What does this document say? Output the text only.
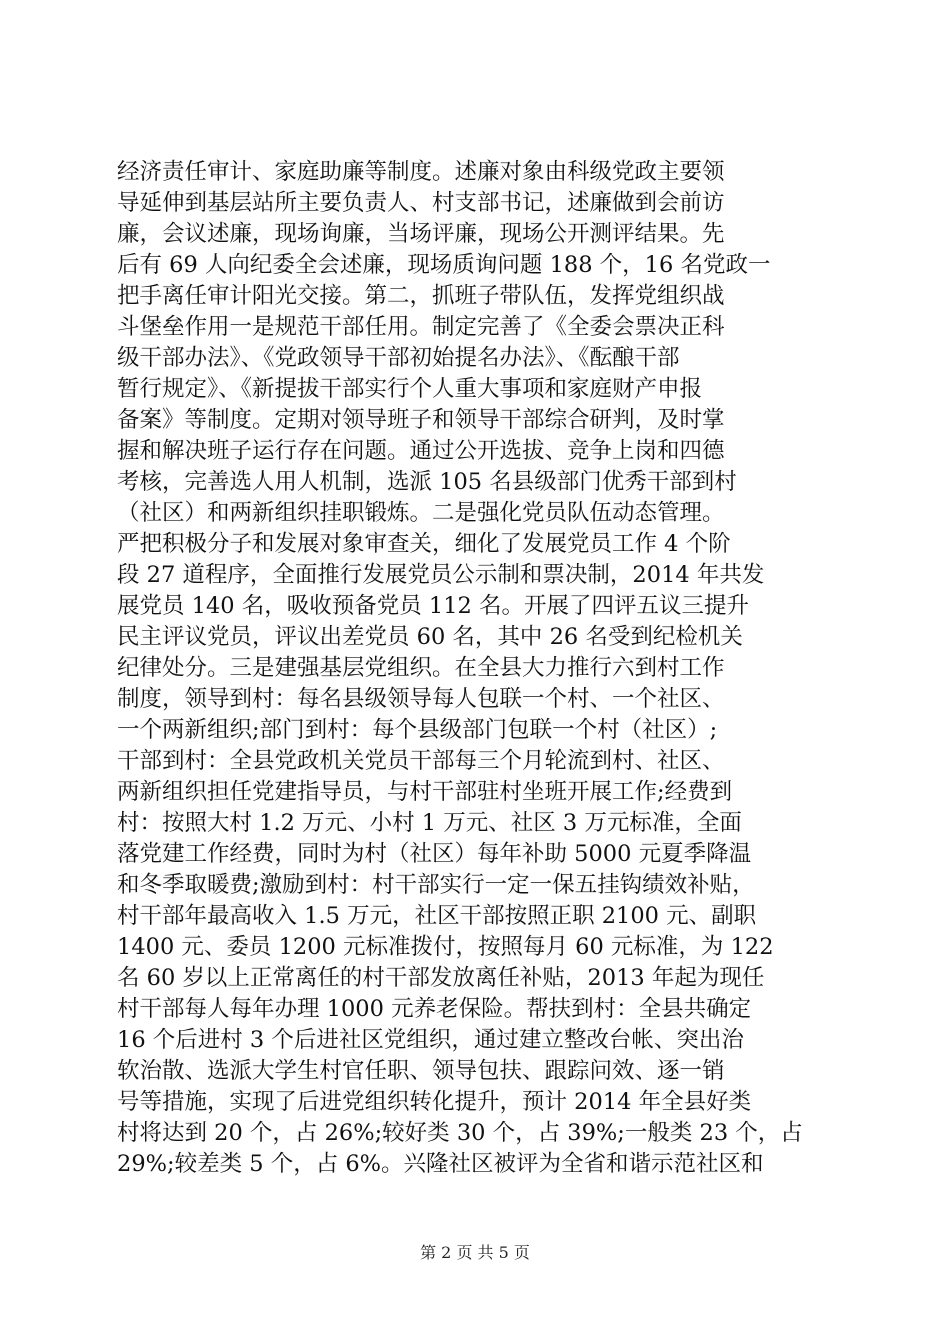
经济责任审计、家庭助廉等制度。述廉对象由科级党政主要领
导延伸到基层站所主要负责人、村支部书记，述廉做到会前访
廉，会议述廉，现场询廉，当场评廉，现场公开测评结果。先
后有 69 人向纪委全会述廉，现场质询问题 188 个，16 名党政一
把手离任审计阳光交接。第二，抓班子带队伍，发挥党组织战
斗堡垒作用一是规范干部任用。制定完善了《全委会票决正科
级干部办法》、《党政领导干部初始提名办法》、《酝酿干部
暂行规定》、《新提拔干部实行个人重大事项和家庭财产申报
备案》等制度。定期对领导班子和领导干部综合研判，及时掌
握和解决班子运行存在问题。通过公开选拔、竞争上岗和四德
考核，完善选人用人机制，选派 105 名县级部门优秀干部到村
（社区）和两新组织挂职锻炼。二是强化党员队伍动态管理。
严把积极分子和发展对象审查关，细化了发展党员工作 4 个阶
段 27 道程序，全面推行发展党员公示制和票决制，2014 年共发
展党员 140 名，吸收预备党员 112 名。开展了四评五议三提升
民主评议党员，评议出差党员 60 名，其中 26 名受到纪检机关
纪律处分。三是建强基层党组织。在全县大力推行六到村工作
制度，领导到村：每名县级领导每人包联一个村、一个社区、
一个两新组织;部门到村：每个县级部门包联一个村（社区）;
干部到村：全县党政机关党员干部每三个月轮流到村、社区、
两新组织担任党建指导员，与村干部驻村坐班开展工作;经费到
村：按照大村 1.2 万元、小村 1 万元、社区 3 万元标准，全面
落党建工作经费，同时为村（社区）每年补助 5000 元夏季降温
和冬季取暖费;激励到村：村干部实行一定一保五挂钩绩效补贴，
村干部年最高收入 1.5 万元，社区干部按照正职 2100 元、副职
1400 元、委员 1200 元标准拨付，按照每月 60 元标准，为 122
名 60 岁以上正常离任的村干部发放离任补贴，2013 年起为现任
村干部每人每年办理 1000 元养老保险。帮扶到村：全县共确定
16 个后进村 3 个后进社区党组织，通过建立整改台帐、突出治
软治散、选派大学生村官任职、领导包扶、跟踪问效、逐一销
号等措施，实现了后进党组织转化提升，预计 2014 年全县好类
村将达到 20 个，占 26%;较好类 30 个，占 39%;一般类 23 个，占
29%;较差类 5 个，占 6%。兴隆社区被评为全省和谐示范社区和
第 2 页 共 5 页
